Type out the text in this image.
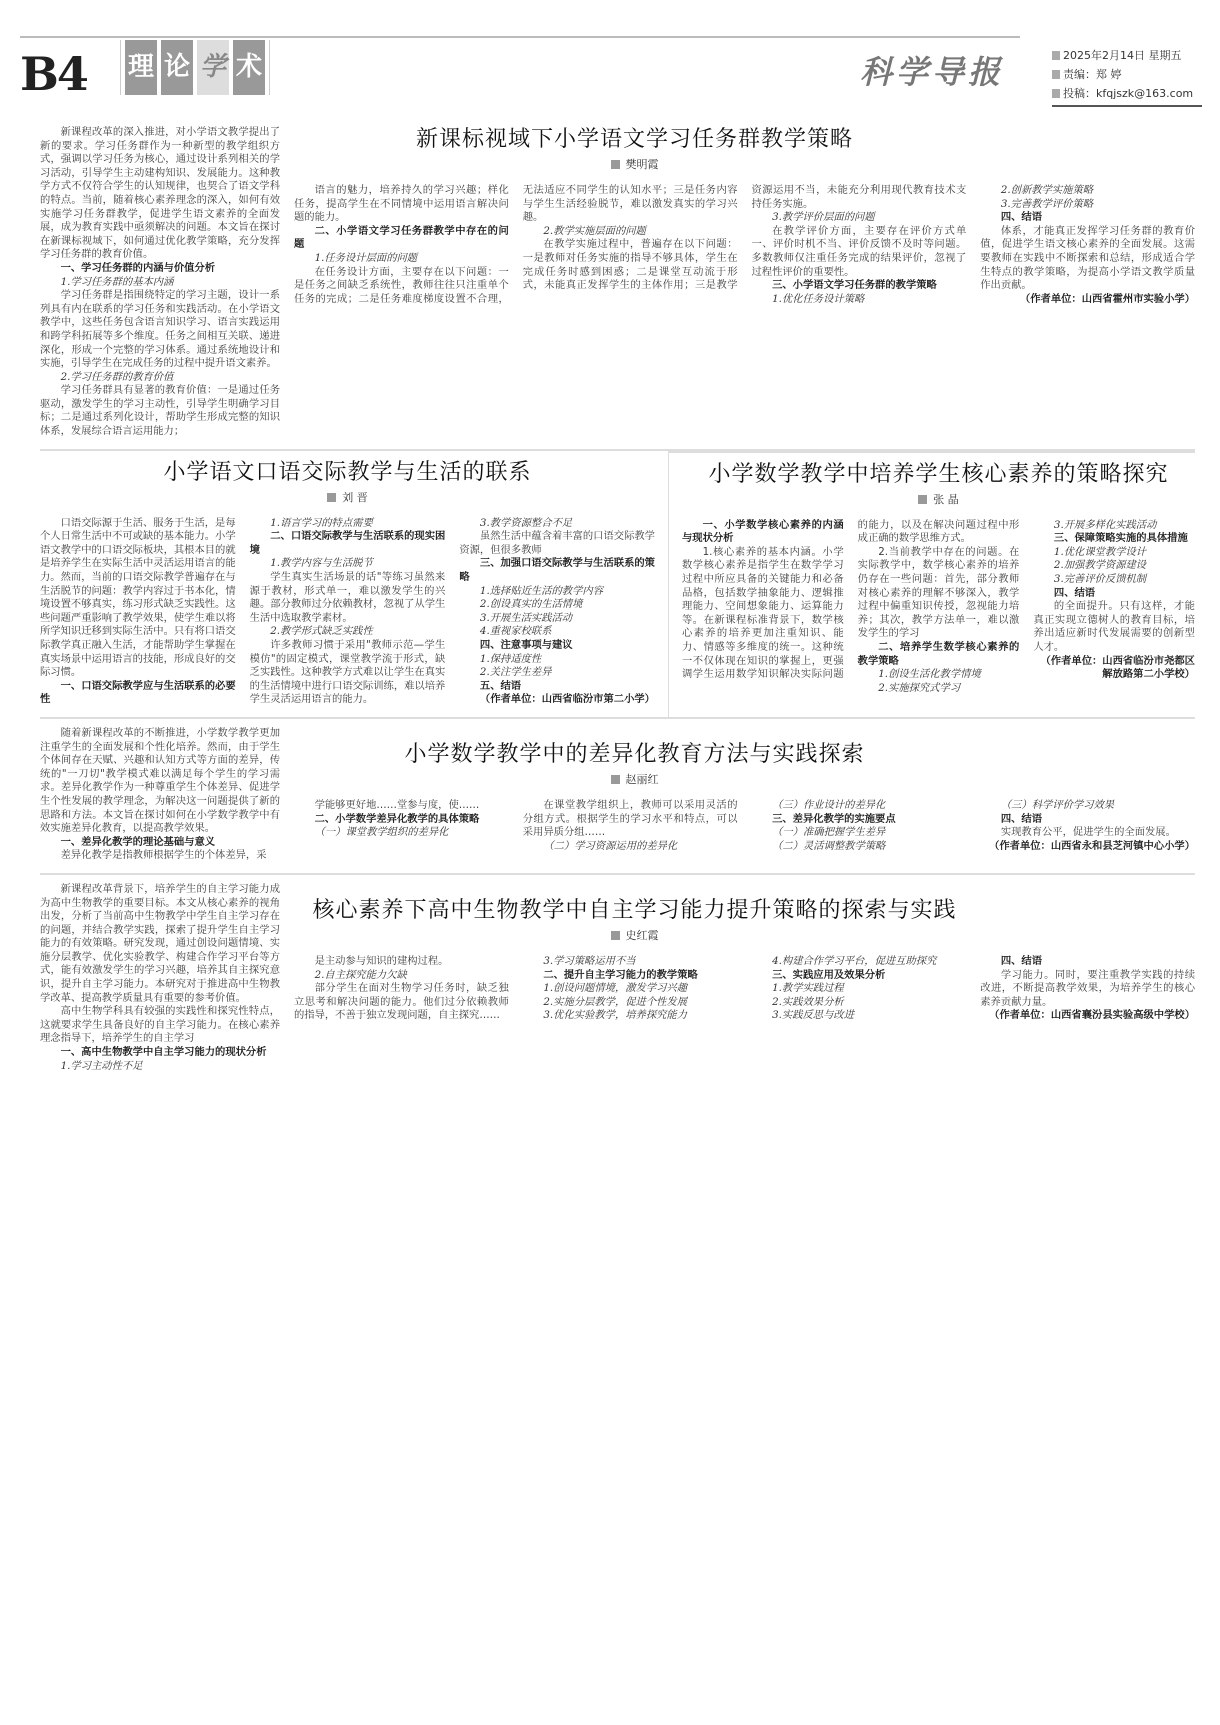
B4 理 论 学 术	科学导报	2025年2月14日 星期五
责编：郑 婷
投稿：kfqjszk@163.com
新课程改革的深入推进，对小学语文教学提出了新的要求。学习任务群作为一种新型的教学组织方式，强调以学习任务为核心，通过设计系列相关的学习活动，引导学生主动建构知识、发展能力。这种教学方式不仅符合学生的认知规律，也契合了语文学科的特点。当前，随着核心素养理念的深入，如何有效实施学习任务群教学，促进学生语文素养的全面发展，成为教育实践中亟须解决的问题。本文旨在探讨在新课标视域下，如何通过优化教学策略，充分发挥学习任务群的教育价值。
一、学习任务群的内涵与价值分析
1.学习任务群的基本内涵
学习任务群是指围绕特定的学习主题，设计一系列具有内在联系的学习任务和实践活动。在小学语文教学中，这些任务包含语言知识学习、语言实践运用和跨学科拓展等多个维度。任务之间相互关联、递进深化，形成一个完整的学习体系。通过系统地设计和实施，引导学生在完成任务的过程中提升语文素养。
2.学习任务群的教育价值
学习任务群具有显著的教育价值：一是通过任务驱动，激发学生的学习主动性，引导学生明确学习目标；二是通过系列化设计，帮助学生形成完整的知识体系，发展综合语言运用能力；
新课标视域下小学语文学习任务群教学策略
樊明霞
语言的魅力，培养持久的学习兴趣；样化任务，提高学生在不同情境中运用语言解决问题的能力。
二、小学语文学习任务群教学中存在的问题
1.任务设计层面的问题
在任务设计方面，主要存在以下问题：一是任务之间缺乏系统性，教师往往只注重单个任务的完成；二是任务难度梯度设置不合理，无法适应不同学生的认知水平；三是任务内容与学生生活经验脱节，难以激发真实的学习兴趣。
2.教学实施层面的问题
在教学实施过程中，普遍存在以下问题：一是教师对任务实施的指导不够具体，学生在完成任务时感到困惑；二是课堂互动流于形式，未能真正发挥学生的主体作用；三是教学资源运用不当，未能充分利用现代教育技术支持任务实施。
3.教学评价层面的问题
在教学评价方面，主要存在评价方式单一、评价时机不当、评价反馈不及时等问题。多数教师仅注重任务完成的结果评价，忽视了过程性评价的重要性。
三、小学语文学习任务群的教学策略
1.优化任务设计策略
2.创新教学实施策略
3.完善教学评价策略
四、结语
体系，才能真正发挥学习任务群的教育价值，促进学生语文核心素养的全面发展。这需要教师在实践中不断探索和总结，形成适合学生特点的教学策略，为提高小学语文教学质量作出贡献。
（作者单位：山西省霍州市实验小学）
小学语文口语交际教学与生活的联系
刘 晋
口语交际源于生活、服务于生活，是每个人日常生活中不可或缺的基本能力。小学语文教学中的口语交际板块，其根本目的就是培养学生在实际生活中灵活运用语言的能力。然而，当前的口语交际教学普遍存在与生活脱节的问题：教学内容过于书本化，情境设置不够真实，练习形式缺乏实践性。这些问题严重影响了教学效果，使学生难以将所学知识迁移到实际生活中。只有将口语交际教学真正融入生活，才能帮助学生掌握在真实场景中运用语言的技能，形成良好的交际习惯。
一、口语交际教学应与生活联系的必要性
1.语言学习的特点需要
二、口语交际教学与生活联系的现实困境
1.教学内容与生活脱节
学生真实生活场景的话"等练习虽然来源于教材，形式单一，难以激发学生的兴趣。部分教师过分依赖教材，忽视了从学生生活中选取教学素材。
2.教学形式缺乏实践性
许多教师习惯于采用"教师示范—学生模仿"的固定模式，课堂教学流于形式，缺乏实践性。这种教学方式难以让学生在真实的生活情境中进行口语交际训练，难以培养学生灵活运用语言的能力。
3.教学资源整合不足
虽然生活中蕴含着丰富的口语交际教学资源，但很多教师
三、加强口语交际教学与生活联系的策略
1.选择贴近生活的教学内容
2.创设真实的生活情境
3.开展生活实践活动
4.重视家校联系
四、注意事项与建议
1.保持适度性
2.关注学生差异
五、结语
（作者单位：山西省临汾市第二小学）
小学数学教学中培养学生核心素养的策略探究
张 晶
一、小学数学核心素养的内涵与现状分析
1.核心素养的基本内涵。小学数学核心素养是指学生在数学学习过程中所应具备的关键能力和必备品格，包括数学抽象能力、逻辑推理能力、空间想象能力、运算能力等。在新课程标准背景下，数学核心素养的培养更加注重知识、能力、情感等多维度的统一。这种统一不仅体现在知识的掌握上，更强调学生运用数学知识解决实际问题的能力，以及在解决问题过程中形成正确的数学思维方式。
2.当前教学中存在的问题。在实际教学中，数学核心素养的培养仍存在一些问题：首先，部分教师对核心素养的理解不够深入，教学过程中偏重知识传授，忽视能力培养；其次，教学方法单一，难以激发学生的学习
二、培养学生数学核心素养的教学策略
1.创设生活化教学情境
2.实施探究式学习
3.开展多样化实践活动
三、保障策略实施的具体措施
1.优化课堂教学设计
2.加强教学资源建设
3.完善评价反馈机制
四、结语
的全面提升。只有这样，才能真正实现立德树人的教育目标，培养出适应新时代发展需要的创新型人才。
（作者单位：山西省临汾市尧都区解放路第二小学校）
随着新课程改革的不断推进，小学数学教学更加注重学生的全面发展和个性化培养。然而，由于学生个体间存在天赋、兴趣和认知方式等方面的差异，传统的"一刀切"教学模式难以满足每个学生的学习需求。差异化教学作为一种尊重学生个体差异、促进学生个性发展的教学理念，为解决这一问题提供了新的思路和方法。本文旨在探讨如何在小学数学教学中有效实施差异化教育，以提高教学效果。
一、差异化教学的理论基础与意义
差异化教学是指教师根据学生的个体差异，采
小学数学教学中的差异化教育方法与实践探索
赵丽红
学能够更好地……堂参与度，使……
二、小学数学差异化教学的具体策略
（一）课堂教学组织的差异化
在课堂教学组织上，教师可以采用灵活的分组方式。根据学生的学习水平和特点，可以采用异质分组……
（二）学习资源运用的差异化
（三）作业设计的差异化
三、差异化教学的实施要点
（一）准确把握学生差异
（二）灵活调整教学策略
（三）科学评价学习效果
四、结语
实现教育公平，促进学生的全面发展。
（作者单位：山西省永和县芝河镇中心小学）
新课程改革背景下，培养学生的自主学习能力成为高中生物教学的重要目标。本文从核心素养的视角出发，分析了当前高中生物教学中学生自主学习存在的问题，并结合教学实践，探索了提升学生自主学习能力的有效策略。研究发现，通过创设问题情境、实施分层教学、优化实验教学、构建合作学习平台等方式，能有效激发学生的学习兴趣，培养其自主探究意识，提升自主学习能力。本研究对于推进高中生物教学改革、提高教学质量具有重要的参考价值。
高中生物学科具有较强的实践性和探究性特点，这就要求学生具备良好的自主学习能力。在核心素养理念指导下，培养学生的自主学习
一、高中生物教学中自主学习能力的现状分析
1.学习主动性不足
核心素养下高中生物教学中自主学习能力提升策略的探索与实践
史红霞
是主动参与知识的建构过程。
2.自主探究能力欠缺
部分学生在面对生物学习任务时，缺乏独立思考和解决问题的能力。他们过分依赖教师的指导，不善于独立发现问题，自主探究……
3.学习策略运用不当
二、提升自主学习能力的教学策略
1.创设问题情境，激发学习兴趣
2.实施分层教学，促进个性发展
3.优化实验教学，培养探究能力
4.构建合作学习平台，促进互助探究
三、实践应用及效果分析
1.教学实践过程
2.实践效果分析
3.实践反思与改进
四、结语
学习能力。同时，要注重教学实践的持续改进，不断提高教学效果，为培养学生的核心素养贡献力量。
（作者单位：山西省襄汾县实验高级中学校）
